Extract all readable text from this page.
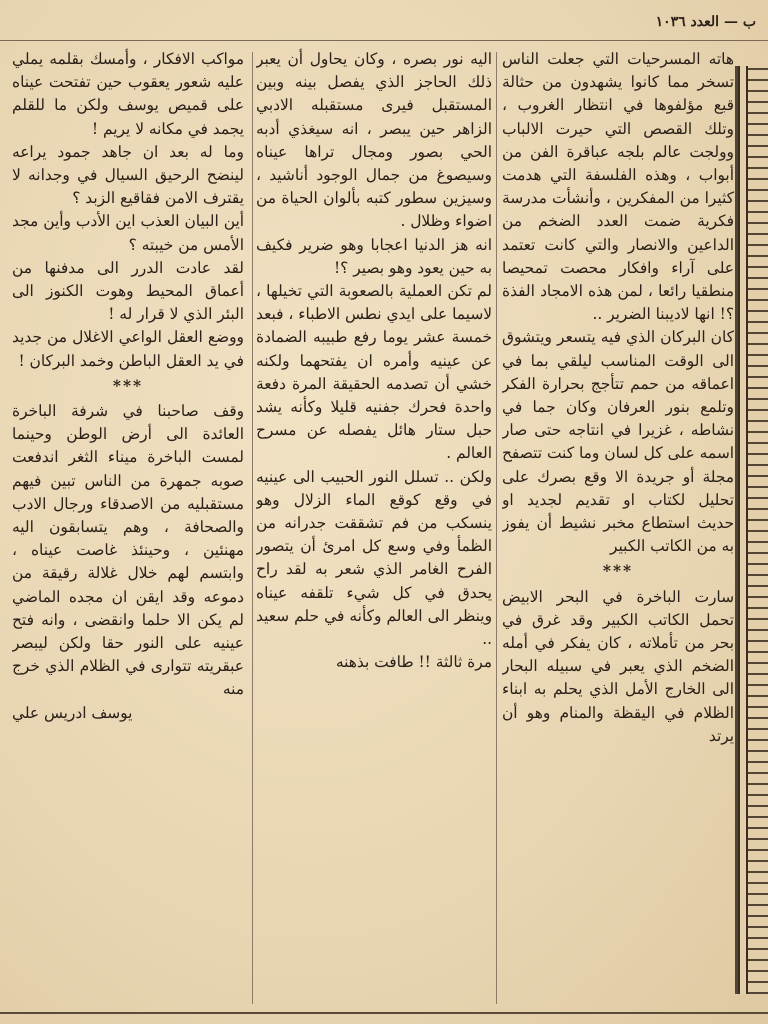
ب — العدد ١٠٣٦

هاته المسرحيات التي جعلت الناس تسخر مما كانوا يشهدون من حثالة قبع مؤلفوها في انتظار الغروب ، وتلك القصص التي حيرت الالباب وولجت عالم بلجه عباقرة الفن من أبواب ، وهذه الفلسفة التي هدمت كثيرا من المفكرين ، وأنشأت مدرسة فكرية ضمت العدد الضخم من الداعين والانصار والتي كانت تعتمد على آراء وافكار محصت تمحيصا منطقيا رائعا ، لمن هذه الامجاد الفذة ؟! انها لاديبنا الضرير ..

كان البركان الذي فيه يتسعر ويتشوق الى الوقت المناسب ليلقي بما في اعماقه من حمم تتأجج بحرارة الفكر وتلمع بنور العرفان وكان جما في نشاطه ، غزيرا في انتاجه حتى صار اسمه على كل لسان وما كنت تتصفح مجلة أو جريدة الا وقع بصرك على تحليل لكتاب او تقديم لجديد او حديث استطاع مخبر نشيط أن يفوز به من الكاتب الكبير

***

سارت الباخرة في البحر الابيض تحمل الكاتب الكبير وقد غرق في بحر من تأملاته ، كان يفكر في أمله الضخم الذي يعبر في سبيله البحار الى الخارج الأمل الذي يحلم به ابناء الظلام في اليقظة والمنام وهو أن يرتد

اليه نور بصره ، وكان يحاول أن يعبر ذلك الحاجز الذي يفصل بينه وبين المستقبل فيرى مستقبله الادبي الزاهر حين يبصر ، انه سيغذي أدبه الحي بصور ومجال تراها عيناه وسيصوغ من جمال الوجود أناشيد ، وسيزين سطور كتبه بألوان الحياة من اضواء وظلال .

انه هز الدنيا اعجابا وهو ضرير فكيف به حين يعود وهو بصير ؟!

لم تكن العملية بالصعوبة التي تخيلها ، لاسيما على ايدي نطس الاطباء ، فبعد خمسة عشر يوما رفع طبيبه الضمادة عن عينيه وأمره ان يفتحهما ولكنه خشي أن تصدمه الحقيقة المرة دفعة واحدة فحرك جفنيه قليلا وكأنه يشد حبل ستار هائل يفصله عن مسرح العالم .

ولكن .. تسلل النور الحبيب الى عينيه في وقع كوقع الماء الزلال وهو ينسكب من فم تشققت جدرانه من الظمأ وفي وسع كل امرئ أن يتصور الفرح الغامر الذي شعر به لقد راح يحدق في كل شيء تلقفه عيناه وينظر الى العالم وكأنه في حلم سعيد ..

مرة ثالثة !! طافت بذهنه

مواكب الافكار ، وأمسك بقلمه يملي عليه شعور يعقوب حين تفتحت عيناه على قميص يوسف ولكن ما للقلم يجمد في مكانه لا يريم !

وما له بعد ان جاهد جمود يراعه لينضح الرحيق السيال في وجدانه لا يقترف الامن فقاقيع الزبد ؟

أين البيان العذب اين الأدب وأين مجد الأمس من خيبته ؟

لقد عادت الدرر الى مدفنها من أعماق المحيط وهوت الكنوز الى البئر الذي لا قرار له !

ووضع العقل الواعي الاغلال من جديد في يد العقل الباطن وخمد البركان !

***

وقف صاحبنا في شرفة الباخرة العائدة الى أرض الوطن وحينما لمست الباخرة ميناء الثغر اندفعت صوبه جمهرة من الناس تبين فيهم مستقبليه من الاصدقاء ورجال الادب والصحافة ، وهم يتسابقون اليه مهنئين ، وحينئذ غاصت عيناه ، وابتسم لهم خلال غلالة رقيقة من دموعه وقد ايقن ان مجده الماضي لم يكن الا حلما وانقضى ، وانه فتح عينيه على النور حقا ولكن ليبصر عبقريته تتوارى في الظلام الذي خرج منه

يوسف ادريس علي
